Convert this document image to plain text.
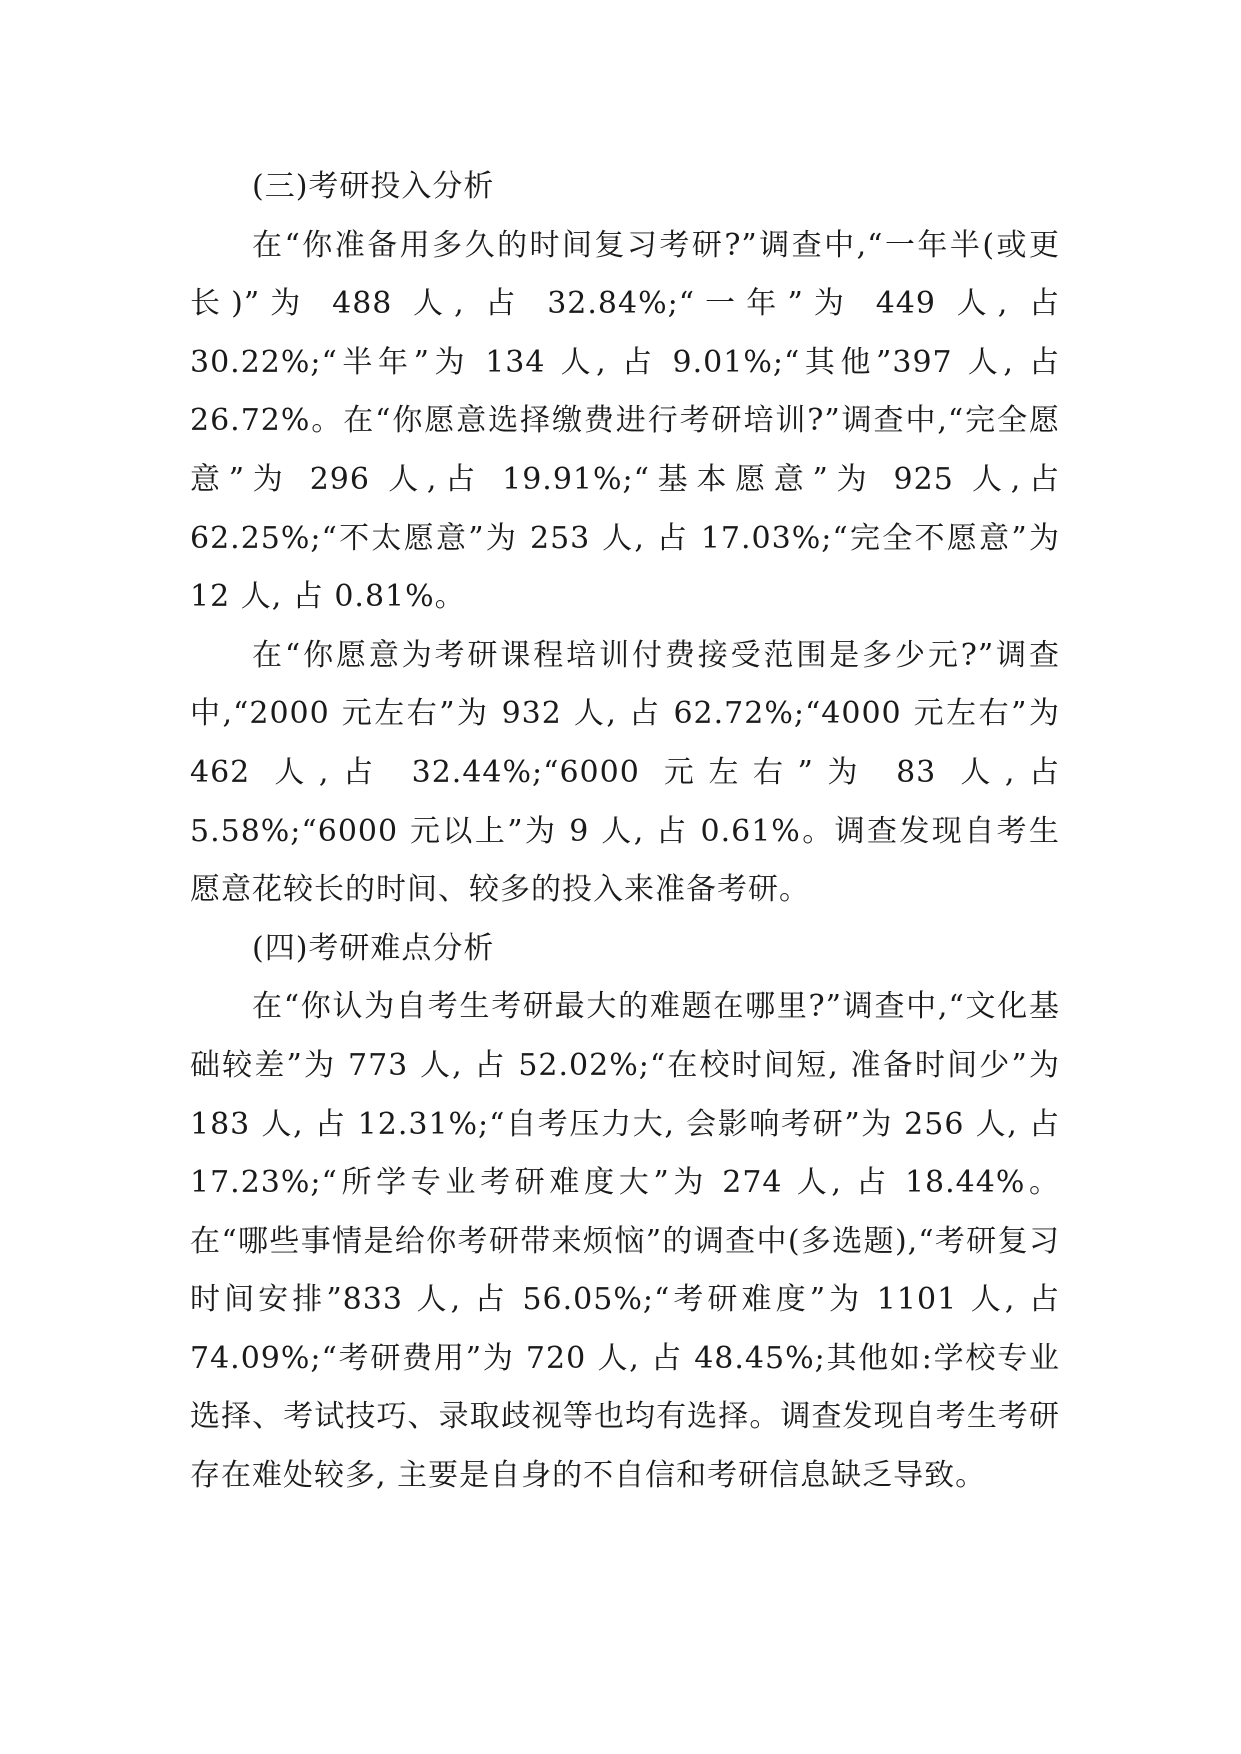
(三)考研投入分析

在“你准备用多久的时间复习考研?”调查中,“一年半(或更长)”为 488 人, 占 32.84%;“一年”为 449 人, 占 30.22%;“半年”为 134 人, 占 9.01%;“其他”397 人, 占 26.72%。在“你愿意选择缴费进行考研培训?”调查中,“完全愿意”为 296 人,占 19.91%;“基本愿意”为 925 人,占 62.25%;“不太愿意”为 253 人, 占 17.03%;“完全不愿意”为 12 人, 占 0.81%。

在“你愿意为考研课程培训付费接受范围是多少元?”调查中,“2000 元左右”为 932 人, 占 62.72%;“4000 元左右”为 462 人,占 32.44%;“6000 元左右”为 83 人,占 5.58%;“6000 元以上”为 9 人, 占 0.61%。调查发现自考生愿意花较长的时间、较多的投入来准备考研。

(四)考研难点分析

在“你认为自考生考研最大的难题在哪里?”调查中,“文化基础较差”为 773 人, 占 52.02%;“在校时间短, 准备时间少”为 183 人, 占 12.31%;“自考压力大, 会影响考研”为 256 人, 占 17.23%;“所学专业考研难度大”为 274 人, 占 18.44%。在“哪些事情是给你考研带来烦恼”的调查中(多选题),“考研复习时间安排”833 人, 占 56.05%;“考研难度”为 1101 人, 占 74.09%;“考研费用”为 720 人, 占 48.45%;其他如:学校专业选择、考试技巧、录取歧视等也均有选择。调查发现自考生考研存在难处较多, 主要是自身的不自信和考研信息缺乏导致。
